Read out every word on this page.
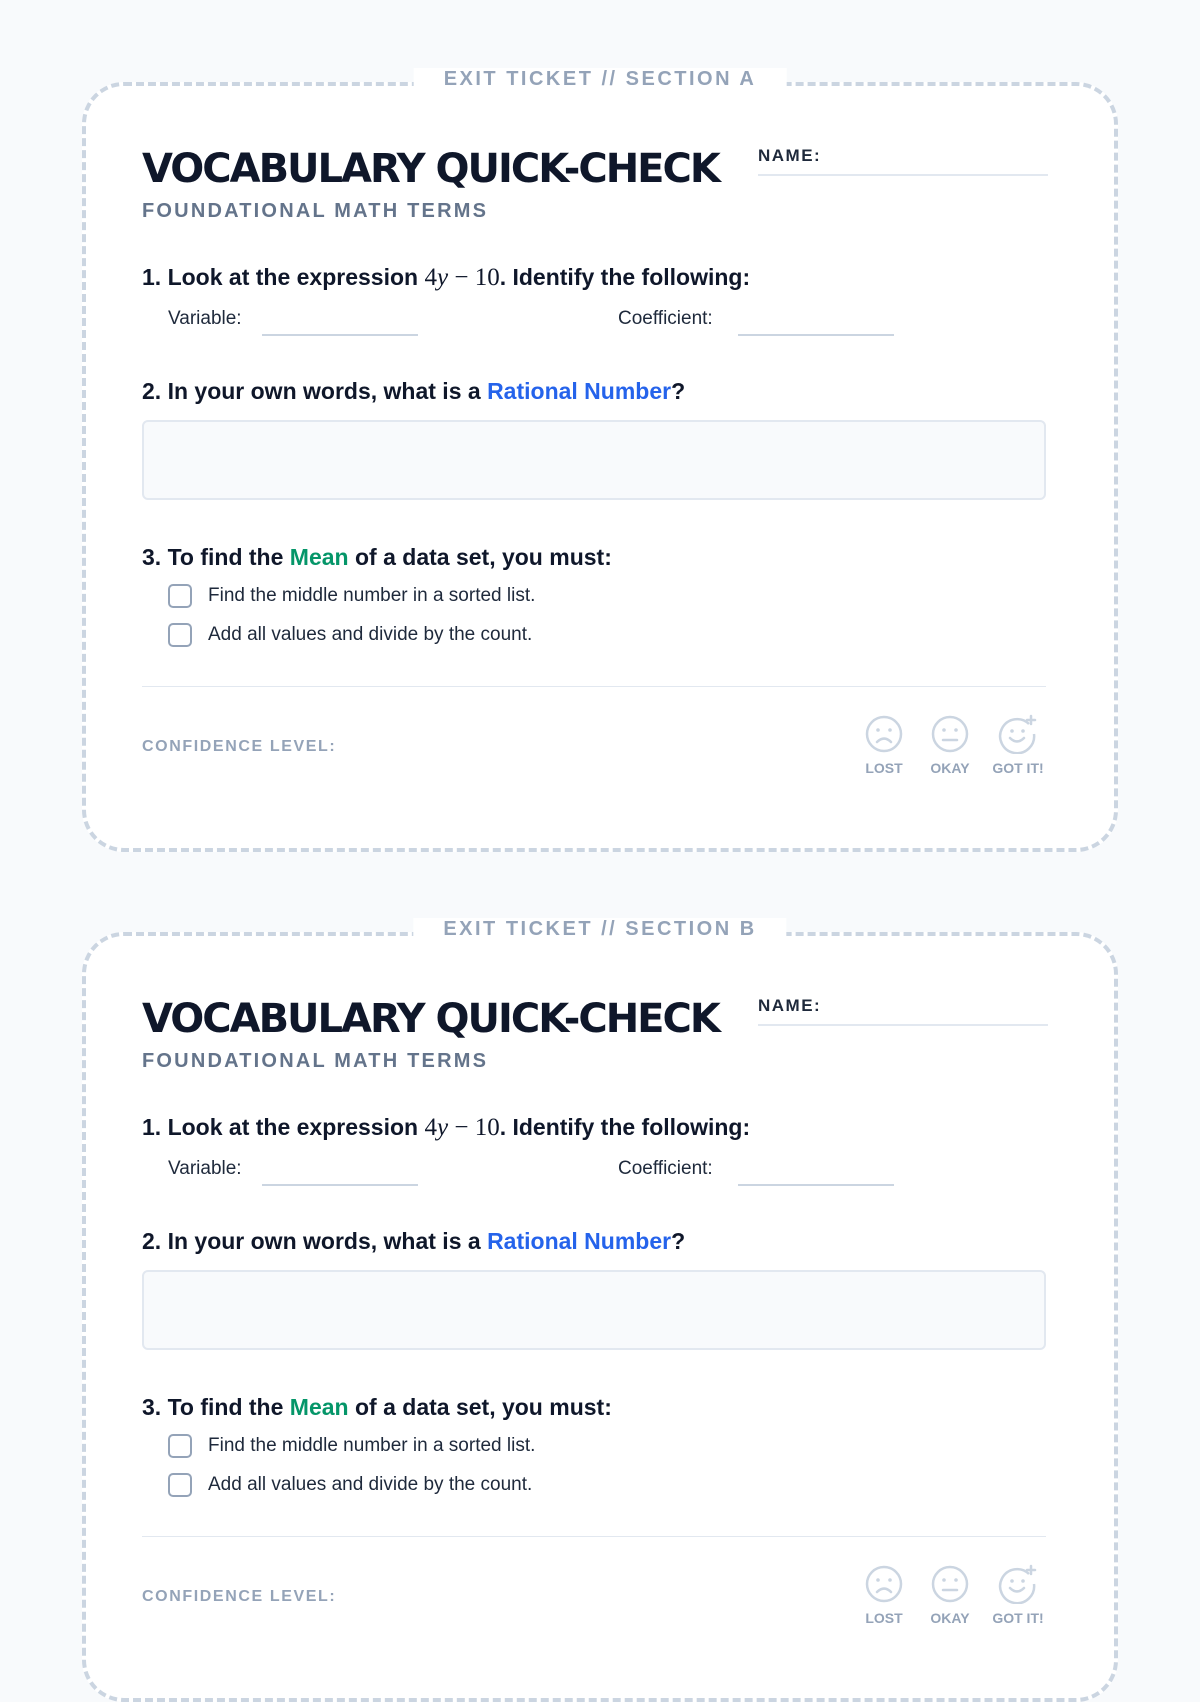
EXIT TICKET // SECTION A
VOCABULARY QUICK-CHECK
FOUNDATIONAL MATH TERMS
NAME:
1. Look at the expression 4y − 10. Identify the following:
Variable:	Coefficient:
2. In your own words, what is a Rational Number?
3. To find the Mean of a data set, you must:
Find the middle number in a sorted list.
Add all values and divide by the count.
CONFIDENCE LEVEL:
LOST	OKAY	GOT IT!
EXIT TICKET // SECTION B
VOCABULARY QUICK-CHECK
FOUNDATIONAL MATH TERMS
NAME:
1. Look at the expression 4y − 10. Identify the following:
Variable:	Coefficient:
2. In your own words, what is a Rational Number?
3. To find the Mean of a data set, you must:
Find the middle number in a sorted list.
Add all values and divide by the count.
CONFIDENCE LEVEL:
LOST	OKAY	GOT IT!
